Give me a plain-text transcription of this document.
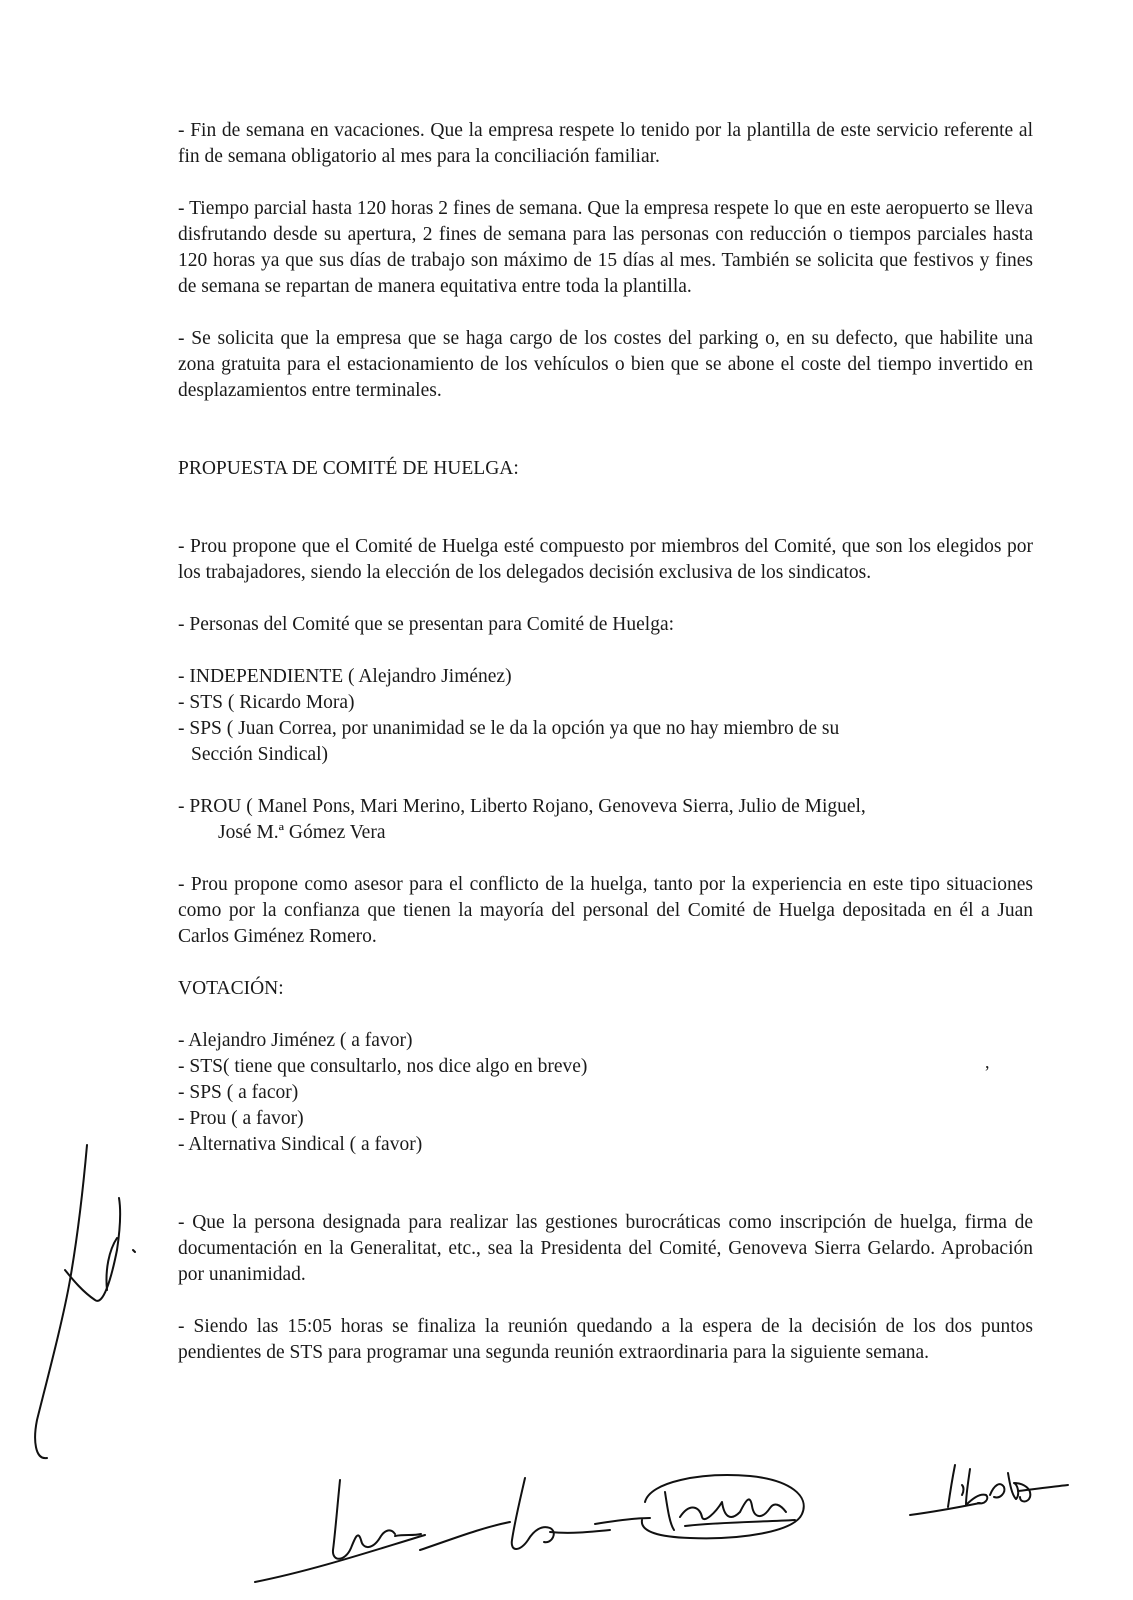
- Fin de semana en vacaciones. Que la empresa respete lo tenido por la plantilla de este servicio referente al fin de semana obligatorio al mes para la conciliación familiar.

- Tiempo parcial hasta 120 horas 2 fines de semana. Que la empresa respete lo que en este aeropuerto se lleva disfrutando desde su apertura, 2 fines de semana para las personas con reducción o tiempos parciales hasta 120 horas ya que sus días de trabajo son máximo de 15 días al mes. También se solicita que festivos y fines de semana se repartan de manera equitativa entre toda la plantilla.

- Se solicita que la empresa que se haga cargo de los costes del parking o, en su defecto, que habilite una zona gratuita para el estacionamiento de los vehículos o bien que se abone el coste del tiempo invertido en desplazamientos entre terminales.

PROPUESTA DE COMITÉ DE HUELGA:

- Prou propone que el Comité de Huelga esté compuesto por miembros del Comité, que son los elegidos por los trabajadores, siendo la elección de los delegados decisión exclusiva de los sindicatos.

- Personas del Comité que se presentan para Comité de Huelga:

- INDEPENDIENTE ( Alejandro Jiménez)

- STS ( Ricardo Mora)

- SPS ( Juan Correa, por unanimidad se le da la opción ya que no hay miembro de su

Sección Sindical)

- PROU ( Manel Pons, Mari Merino, Liberto Rojano, Genoveva Sierra, Julio de Miguel,

José M.ª Gómez Vera

- Prou propone como asesor para el conflicto de la huelga, tanto por la experiencia en este tipo situaciones como por la confianza que tienen la mayoría del personal del Comité de Huelga depositada en él a Juan Carlos Giménez Romero.

VOTACIÓN:

- Alejandro Jiménez ( a favor)

- STS( tiene que consultarlo, nos dice algo en breve)

- SPS ( a facor)

- Prou ( a favor)

- Alternativa Sindical ( a favor)

- Que la persona designada para realizar las gestiones burocráticas como inscripción de huelga, firma de documentación en la Generalitat, etc., sea la Presidenta del Comité, Genoveva Sierra Gelardo. Aprobación por unanimidad.

- Siendo las 15:05 horas se finaliza la reunión quedando a la espera de la decisión de los dos puntos pendientes de STS para programar una segunda reunión extraordinaria para la siguiente semana.

,
